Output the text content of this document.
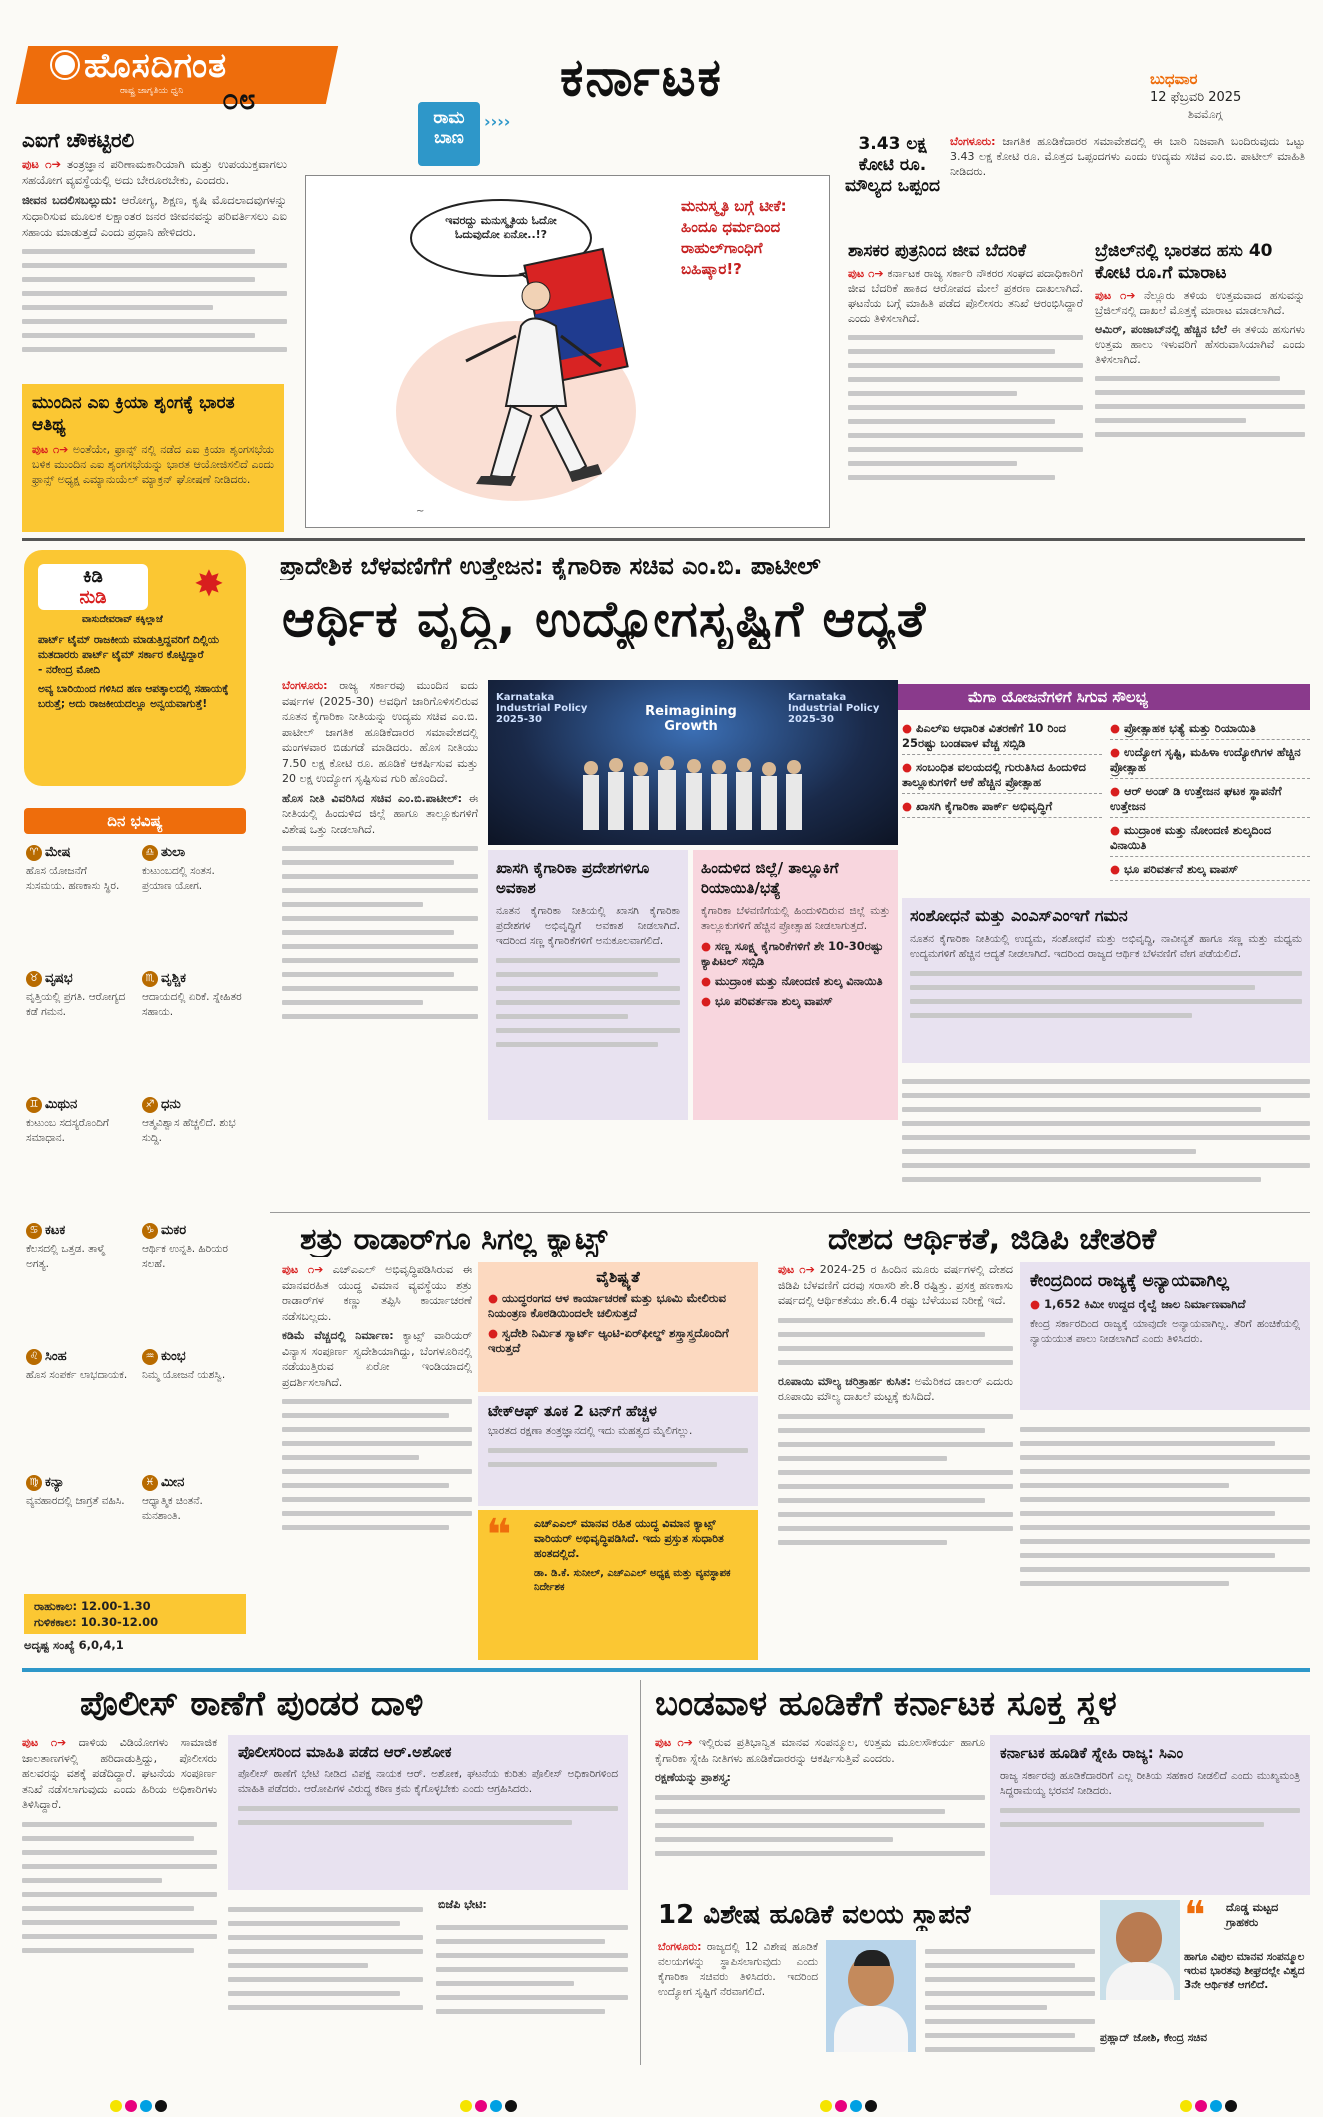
ಹೊಸದಿಗಂತ
ರಾಷ್ಟ್ರ ಜಾಗೃತಿಯ ಧ್ವನಿ ೦೮	ಕರ್ನಾಟಕ	ಬುಧವಾರ
12 ಫೆಬ್ರವರಿ 2025
ಶಿವಮೊಗ್ಗ
ಎಐಗೆ ಚೌಕಟ್ಟಿರಲಿ
ಪುಟ ೧➔ ತಂತ್ರಜ್ಞಾನ ಪರಿಣಾಮಕಾರಿಯಾಗಿ ಮತ್ತು ಉಪಯುಕ್ತವಾಗಲು ಸಹಯೋಗ ವ್ಯವಸ್ಥೆಯಲ್ಲಿ ಅದು ಬೇರೂರಬೇಕು, ಎಂದರು.
ಜೀವನ ಬದಲಿಸಬಲ್ಲುದು: ಆರೋಗ್ಯ, ಶಿಕ್ಷಣ, ಕೃಷಿ ಮೊದಲಾದವುಗಳನ್ನು ಸುಧಾರಿಸುವ ಮೂಲಕ ಲಕ್ಷಾಂತರ ಜನರ ಜೀವನವನ್ನು ಪರಿವರ್ತಿಸಲು ಎಐ ಸಹಾಯ ಮಾಡುತ್ತದೆ ಎಂದು ಪ್ರಧಾನಿ ಹೇಳಿದರು.
ಮುಂದಿನ ಎಐ ಕ್ರಿಯಾ ಶೃಂಗಕ್ಕೆ ಭಾರತ ಆತಿಥ್ಯ
ಪುಟ ೧➔ ಅಂತೆಯೇ, ಫ್ರಾನ್ಸ್ ನಲ್ಲಿ ನಡೆದ ಎಐ ಕ್ರಿಯಾ ಶೃಂಗಸಭೆಯ ಬಳಿಕ ಮುಂದಿನ ಎಐ ಶೃಂಗಸಭೆಯನ್ನು ಭಾರತ ಆಯೋಜಿಸಲಿದೆ ಎಂದು ಫ್ರಾನ್ಸ್ ಅಧ್ಯಕ್ಷ ಎಮ್ಯಾನುಯೆಲ್ ಮ್ಯಾಕ್ರನ್ ಘೋಷಣೆ ನೀಡಿದರು.
~
ಇವರದ್ದು ಮನುಸ್ಮೃತಿಯ ಓದೋ ಓದುವುದೋ ಏನೋ..!?
ಮನುಸ್ಮೃತಿ ಬಗ್ಗೆ ಟೀಕೆ: ಹಿಂದೂ ಧರ್ಮದಿಂದ ರಾಹುಲ್‌ಗಾಂಧಿಗೆ ಬಹಿಷ್ಕಾರ!?
ರಾಮ
ಬಾಣ
››››
3.43 ಲಕ್ಷ ಕೋಟಿ ರೂ. ಮೌಲ್ಯದ ಒಪ್ಪಂದ
ಬೆಂಗಳೂರು: ಜಾಗತಿಕ ಹೂಡಿಕೆದಾರರ ಸಮಾವೇಶದಲ್ಲಿ ಈ ಬಾರಿ ನಿಜವಾಗಿ ಬಂದಿರುವುದು ಒಟ್ಟು 3.43 ಲಕ್ಷ ಕೋಟಿ ರೂ. ಮೊತ್ತದ ಒಪ್ಪಂದಗಳು ಎಂದು ಉದ್ಯಮ ಸಚಿವ ಎಂ.ಬಿ. ಪಾಟೀಲ್ ಮಾಹಿತಿ ನೀಡಿದರು.
ಶಾಸಕರ ಪುತ್ರನಿಂದ ಜೀವ ಬೆದರಿಕೆ
ಪುಟ ೧➔ ಕರ್ನಾಟಕ ರಾಜ್ಯ ಸರ್ಕಾರಿ ನೌಕರರ ಸಂಘದ ಪದಾಧಿಕಾರಿಗೆ ಜೀವ ಬೆದರಿಕೆ ಹಾಕಿದ ಆರೋಪದ ಮೇಲೆ ಪ್ರಕರಣ ದಾಖಲಾಗಿದೆ. ಘಟನೆಯ ಬಗ್ಗೆ ಮಾಹಿತಿ ಪಡೆದ ಪೊಲೀಸರು ತನಿಖೆ ಆರಂಭಿಸಿದ್ದಾರೆ ಎಂದು ತಿಳಿಸಲಾಗಿದೆ.
ಬ್ರೆಜಿಲ್‌ನಲ್ಲಿ ಭಾರತದ ಹಸು 40 ಕೋಟಿ ರೂ.ಗೆ ಮಾರಾಟ
ಪುಟ ೧➔ ನೆಲ್ಲೂರು ತಳಿಯ ಉತ್ತಮವಾದ ಹಸುವನ್ನು ಬ್ರೆಜಿಲ್‌ನಲ್ಲಿ ದಾಖಲೆ ಮೊತ್ತಕ್ಕೆ ಮಾರಾಟ ಮಾಡಲಾಗಿದೆ.
ಆಮಿರ್, ಪಂಜಾಬ್‌ನಲ್ಲಿ ಹೆಚ್ಚಿನ ಬೆಲೆ ಈ ತಳಿಯ ಹಸುಗಳು ಉತ್ತಮ ಹಾಲು ಇಳುವರಿಗೆ ಹೆಸರುವಾಸಿಯಾಗಿವೆ ಎಂದು ತಿಳಿಸಲಾಗಿದೆ.
ಕಿಡಿ
ನುಡಿ	✸
ವಾಸುದೇವರಾವ್ ಕಕ್ಕಿಲ್ಲಾಜೆ
ಪಾರ್ಟ್ ಟೈಮ್ ರಾಜಕೀಯ ಮಾಡುತ್ತಿದ್ದವರಿಗೆ ದಿಲ್ಲಿಯ ಮತದಾರರು ಪಾರ್ಟ್ ಟೈಮ್ ಸರ್ಕಾರ ಕೊಟ್ಟಿದ್ದಾರೆ
- ನರೇಂದ್ರ ಮೋದಿ
ಅವ್ಯ ಬಾರಿಯಿಂದ ಗಳಿಸಿದ ಹಣ ಆಪತ್ಕಾಲದಲ್ಲಿ ಸಹಾಯಕ್ಕೆ ಬರುತ್ತೆ; ಅದು ರಾಜಕೀಯದಲ್ಲೂ ಅನ್ವಯವಾಗುತ್ತೆ!
ದಿನ ಭವಿಷ್ಯ
♈ ಮೇಷ
ಹೊಸ ಯೋಜನೆಗೆ ಸುಸಮಯ. ಹಣಕಾಸು ಸ್ಥಿರ.
♎ ತುಲಾ
ಕುಟುಂಬದಲ್ಲಿ ಸಂತಸ. ಪ್ರಯಾಣ ಯೋಗ.
♉ ವೃಷಭ
ವೃತ್ತಿಯಲ್ಲಿ ಪ್ರಗತಿ. ಆರೋಗ್ಯದ ಕಡೆ ಗಮನ.
♏ ವೃಶ್ಚಿಕ
ಆದಾಯದಲ್ಲಿ ಏರಿಕೆ. ಸ್ನೇಹಿತರ ಸಹಾಯ.
♊ ಮಿಥುನ
ಕುಟುಂಬ ಸದಸ್ಯರೊಂದಿಗೆ ಸಮಾಧಾನ.
♐ ಧನು
ಆತ್ಮವಿಶ್ವಾಸ ಹೆಚ್ಚಲಿದೆ. ಶುಭ ಸುದ್ದಿ.
♋ ಕಟಕ
ಕೆಲಸದಲ್ಲಿ ಒತ್ತಡ. ತಾಳ್ಮೆ ಅಗತ್ಯ.
♑ ಮಕರ
ಆರ್ಥಿಕ ಉನ್ನತಿ. ಹಿರಿಯರ ಸಲಹೆ.
♌ ಸಿಂಹ
ಹೊಸ ಸಂಪರ್ಕ ಲಾಭದಾಯಕ.
♒ ಕುಂಭ
ನಿಮ್ಮ ಯೋಜನೆ ಯಶಸ್ವಿ.
♍ ಕನ್ಯಾ
ವ್ಯವಹಾರದಲ್ಲಿ ಜಾಗ್ರತೆ ವಹಿಸಿ.
♓ ಮೀನ
ಆಧ್ಯಾತ್ಮಿಕ ಚಿಂತನೆ. ಮನಶಾಂತಿ.
ರಾಹುಕಾಲ: 12.00-1.30
ಗುಳಿಕಕಾಲ: 10.30-12.00
ಅದೃಷ್ಟ ಸಂಖ್ಯೆ 6,0,4,1
ಪ್ರಾದೇಶಿಕ ಬೆಳವಣಿಗೆಗೆ ಉತ್ತೇಜನ: ಕೈಗಾರಿಕಾ ಸಚಿವ ಎಂ.ಬಿ. ಪಾಟೀಲ್
ಆರ್ಥಿಕ ವೃದ್ಧಿ, ಉದ್ಯೋಗಸೃಷ್ಟಿಗೆ ಆದ್ಯತೆ
ಬೆಂಗಳೂರು: ರಾಜ್ಯ ಸರ್ಕಾರವು ಮುಂದಿನ ಐದು ವರ್ಷಗಳ (2025-30) ಅವಧಿಗೆ ಜಾರಿಗೊಳಿಸಲಿರುವ ನೂತನ ಕೈಗಾರಿಕಾ ನೀತಿಯನ್ನು ಉದ್ಯಮ ಸಚಿವ ಎಂ.ಬಿ. ಪಾಟೀಲ್ ಜಾಗತಿಕ ಹೂಡಿಕೆದಾರರ ಸಮಾವೇಶದಲ್ಲಿ ಮಂಗಳವಾರ ಬಿಡುಗಡೆ ಮಾಡಿದರು. ಹೊಸ ನೀತಿಯು 7.50 ಲಕ್ಷ ಕೋಟಿ ರೂ. ಹೂಡಿಕೆ ಆಕರ್ಷಿಸುವ ಮತ್ತು 20 ಲಕ್ಷ ಉದ್ಯೋಗ ಸೃಷ್ಟಿಸುವ ಗುರಿ ಹೊಂದಿದೆ.
ಹೊಸ ನೀತಿ ವಿವರಿಸಿದ ಸಚಿವ ಎಂ.ಬಿ.ಪಾಟೀಲ್: ಈ ನೀತಿಯಲ್ಲಿ ಹಿಂದುಳಿದ ಜಿಲ್ಲೆ ಹಾಗೂ ತಾಲ್ಲೂಕುಗಳಿಗೆ ವಿಶೇಷ ಒತ್ತು ನೀಡಲಾಗಿದೆ.
Karnataka Industrial Policy 2025-30
Reimagining Growth
Karnataka Industrial Policy 2025-30
ಮೆಗಾ ಯೋಜನೆಗಳಿಗೆ ಸಿಗುವ ಸೌಲಭ್ಯ
● ಪಿಎಲ್‌ಐ ಆಧಾರಿತ ವಿತರಣೆಗೆ 10 ರಿಂದ 25ರಷ್ಟು ಬಂಡವಾಳ ವೆಚ್ಚ ಸಬ್ಸಿಡಿ
● ಸಂಬಂಧಿತ ವಲಯದಲ್ಲಿ ಗುರುತಿಸಿದ ಹಿಂದುಳಿದ ತಾಲ್ಲೂಕುಗಳಿಗೆ ಆಕೆ ಹೆಚ್ಚಿನ ಪ್ರೋತ್ಸಾಹ
● ಖಾಸಗಿ ಕೈಗಾರಿಕಾ ಪಾರ್ಕ್ ಅಭಿವೃದ್ಧಿಗೆ
● ಪ್ರೋತ್ಸಾಹಕ ಭತ್ಯೆ ಮತ್ತು ರಿಯಾಯಿತಿ
● ಉದ್ಯೋಗ ಸೃಷ್ಟಿ, ಮಹಿಳಾ ಉದ್ಯೋಗಿಗಳ ಹೆಚ್ಚಿನ ಪ್ರೋತ್ಸಾಹ
● ಆರ್ ಅಂಡ್ ಡಿ ಉತ್ತೇಜನ ಘಟಕ ಸ್ಥಾಪನೆಗೆ ಉತ್ತೇಜನ
● ಮುದ್ರಾಂಕ ಮತ್ತು ನೋಂದಣಿ ಶುಲ್ಕದಿಂದ ವಿನಾಯಿತಿ
● ಭೂ ಪರಿವರ್ತನೆ ಶುಲ್ಕ ವಾಪಸ್
ಖಾಸಗಿ ಕೈಗಾರಿಕಾ ಪ್ರದೇಶಗಳಿಗೂ ಅವಕಾಶ
ನೂತನ ಕೈಗಾರಿಕಾ ನೀತಿಯಲ್ಲಿ ಖಾಸಗಿ ಕೈಗಾರಿಕಾ ಪ್ರದೇಶಗಳ ಅಭಿವೃದ್ಧಿಗೆ ಅವಕಾಶ ನೀಡಲಾಗಿದೆ. ಇದರಿಂದ ಸಣ್ಣ ಕೈಗಾರಿಕೆಗಳಿಗೆ ಅನುಕೂಲವಾಗಲಿದೆ.
ಹಿಂದುಳಿದ ಜಿಲ್ಲೆ/ ತಾಲ್ಲೂಕಿಗೆ ರಿಯಾಯಿತಿ/ಭತ್ಯೆ
ಕೈಗಾರಿಕಾ ಬೆಳವಣಿಗೆಯಲ್ಲಿ ಹಿಂದುಳಿದಿರುವ ಜಿಲ್ಲೆ ಮತ್ತು ತಾಲ್ಲೂಕುಗಳಿಗೆ ಹೆಚ್ಚಿನ ಪ್ರೋತ್ಸಾಹ ನೀಡಲಾಗುತ್ತದೆ.
● ಸಣ್ಣ ಸೂಕ್ಷ್ಮ ಕೈಗಾರಿಕೆಗಳಿಗೆ ಶೇ 10-30ರಷ್ಟು ಕ್ಯಾಪಿಟಲ್ ಸಬ್ಸಿಡಿ
● ಮುದ್ರಾಂಕ ಮತ್ತು ನೋಂದಣಿ ಶುಲ್ಕ ವಿನಾಯಿತಿ
● ಭೂ ಪರಿವರ್ತನಾ ಶುಲ್ಕ ವಾಪಸ್
ಸಂಶೋಧನೆ ಮತ್ತು ಎಂಎಸ್‌ಎಂಇಗೆ ಗಮನ
ನೂತನ ಕೈಗಾರಿಕಾ ನೀತಿಯಲ್ಲಿ ಉದ್ಯಮ, ಸಂಶೋಧನೆ ಮತ್ತು ಅಭಿವೃದ್ಧಿ, ನಾವೀನ್ಯತೆ ಹಾಗೂ ಸಣ್ಣ ಮತ್ತು ಮಧ್ಯಮ ಉದ್ಯಮಗಳಿಗೆ ಹೆಚ್ಚಿನ ಆದ್ಯತೆ ನೀಡಲಾಗಿದೆ. ಇದರಿಂದ ರಾಜ್ಯದ ಆರ್ಥಿಕ ಬೆಳವಣಿಗೆ ವೇಗ ಪಡೆಯಲಿದೆ.
ಶತ್ರು ರಾಡಾರ್‌ಗೂ ಸಿಗಲ್ಲ ಕ್ಯಾಟ್ಸ್
ಪುಟ ೧➔ ಎಚ್‌ಎಎಲ್ ಅಭಿವೃದ್ಧಿಪಡಿಸಿರುವ ಈ ಮಾನವರಹಿತ ಯುದ್ಧ ವಿಮಾನ ವ್ಯವಸ್ಥೆಯು ಶತ್ರು ರಾಡಾರ್‌ಗಳ ಕಣ್ಣು ತಪ್ಪಿಸಿ ಕಾರ್ಯಾಚರಣೆ ನಡೆಸಬಲ್ಲದು.
ಕಡಿಮೆ ವೆಚ್ಚದಲ್ಲಿ ನಿರ್ಮಾಣ: ಕ್ಯಾಟ್ಸ್ ವಾರಿಯರ್ ವಿನ್ಯಾಸ ಸಂಪೂರ್ಣ ಸ್ವದೇಶಿಯಾಗಿದ್ದು, ಬೆಂಗಳೂರಿನಲ್ಲಿ ನಡೆಯುತ್ತಿರುವ ಏರೋ ಇಂಡಿಯಾದಲ್ಲಿ ಪ್ರದರ್ಶಿಸಲಾಗಿದೆ.
ವೈಶಿಷ್ಟ್ಯತೆ
● ಯುದ್ಧರಂಗದ ಆಳ ಕಾರ್ಯಾಚರಣೆ ಮತ್ತು ಭೂಮಿ ಮೇಲಿರುವ ನಿಯಂತ್ರಣ ಕೊಠಡಿಯಿಂದಲೇ ಚಲಿಸುತ್ತದೆ
● ಸ್ವದೇಶಿ ನಿರ್ಮಿತ ಸ್ಮಾರ್ಟ್ ಆ್ಯಂಟಿ-ಏರ್‌ಫೀಲ್ಡ್ ಶಸ್ತ್ರಾಸ್ತ್ರದೊಂದಿಗೆ ಇರುತ್ತದೆ
ಟೇಕ್‌ಆಫ್ ತೂಕ 2 ಟನ್‌ಗೆ ಹೆಚ್ಚಳ
ಭಾರತದ ರಕ್ಷಣಾ ತಂತ್ರಜ್ಞಾನದಲ್ಲಿ ಇದು ಮಹತ್ವದ ಮೈಲಿಗಲ್ಲು.
❝ ಎಚ್‌ಎಎಲ್ ಮಾನವ ರಹಿತ ಯುದ್ಧ ವಿಮಾನ ಕ್ಯಾಟ್ಸ್ ವಾರಿಯರ್ ಅಭಿವೃದ್ಧಿಪಡಿಸಿದೆ. ಇದು ಪ್ರಸ್ತುತ ಸುಧಾರಿತ ಹಂತದಲ್ಲಿದೆ.
ಡಾ. ಡಿ.ಕೆ. ಸುನೀಲ್, ಎಚ್‌ಎಎಲ್ ಅಧ್ಯಕ್ಷ ಮತ್ತು ವ್ಯವಸ್ಥಾಪಕ ನಿರ್ದೇಶಕ
ದೇಶದ ಆರ್ಥಿಕತೆ, ಜಿಡಿಪಿ ಚೇತರಿಕೆ
ಪುಟ ೧➔ 2024-25 ರ ಹಿಂದಿನ ಮೂರು ವರ್ಷಗಳಲ್ಲಿ ದೇಶದ ಜಿಡಿಪಿ ಬೆಳವಣಿಗೆ ದರವು ಸರಾಸರಿ ಶೇ.8 ರಷ್ಟಿತ್ತು. ಪ್ರಸಕ್ತ ಹಣಕಾಸು ವರ್ಷದಲ್ಲಿ ಆರ್ಥಿಕತೆಯು ಶೇ.6.4 ರಷ್ಟು ಬೆಳೆಯುವ ನಿರೀಕ್ಷೆ ಇದೆ.
ರೂಪಾಯಿ ಮೌಲ್ಯ ಚರಿತ್ರಾರ್ಹ ಕುಸಿತ: ಅಮೆರಿಕದ ಡಾಲರ್ ಎದುರು ರೂಪಾಯಿ ಮೌಲ್ಯ ದಾಖಲೆ ಮಟ್ಟಕ್ಕೆ ಕುಸಿದಿದೆ.
ಕೇಂದ್ರದಿಂದ ರಾಜ್ಯಕ್ಕೆ ಅನ್ಯಾಯವಾಗಿಲ್ಲ
● 1,652 ಕಿಮೀ ಉದ್ದದ ರೈಲ್ವೆ ಜಾಲ ನಿರ್ಮಾಣವಾಗಿದೆ
ಕೇಂದ್ರ ಸರ್ಕಾರದಿಂದ ರಾಜ್ಯಕ್ಕೆ ಯಾವುದೇ ಅನ್ಯಾಯವಾಗಿಲ್ಲ. ತೆರಿಗೆ ಹಂಚಿಕೆಯಲ್ಲಿ ನ್ಯಾಯಯುತ ಪಾಲು ನೀಡಲಾಗಿದೆ ಎಂದು ತಿಳಿಸಿದರು.
ಪೊಲೀಸ್ ಠಾಣೆಗೆ ಪುಂಡರ ದಾಳಿ
ಪುಟ ೧➔ ದಾಳಿಯ ವಿಡಿಯೋಗಳು ಸಾಮಾಜಿಕ ಜಾಲತಾಣಗಳಲ್ಲಿ ಹರಿದಾಡುತ್ತಿದ್ದು, ಪೊಲೀಸರು ಹಲವರನ್ನು ವಶಕ್ಕೆ ಪಡೆದಿದ್ದಾರೆ. ಘಟನೆಯ ಸಂಪೂರ್ಣ ತನಿಖೆ ನಡೆಸಲಾಗುವುದು ಎಂದು ಹಿರಿಯ ಅಧಿಕಾರಿಗಳು ತಿಳಿಸಿದ್ದಾರೆ.
ಪೊಲೀಸರಿಂದ ಮಾಹಿತಿ ಪಡೆದ ಆರ್.ಅಶೋಕ
ಪೊಲೀಸ್ ಠಾಣೆಗೆ ಭೇಟಿ ನೀಡಿದ ವಿಪಕ್ಷ ನಾಯಕ ಆರ್. ಅಶೋಕ, ಘಟನೆಯ ಕುರಿತು ಪೊಲೀಸ್ ಅಧಿಕಾರಿಗಳಿಂದ ಮಾಹಿತಿ ಪಡೆದರು. ಆರೋಪಿಗಳ ವಿರುದ್ಧ ಕಠಿಣ ಕ್ರಮ ಕೈಗೊಳ್ಳಬೇಕು ಎಂದು ಆಗ್ರಹಿಸಿದರು.
ಬಿಜೆಪಿ ಭೇಟಿ:
ಬಂಡವಾಳ ಹೂಡಿಕೆಗೆ ಕರ್ನಾಟಕ ಸೂಕ್ತ ಸ್ಥಳ
ಪುಟ ೧➔ ಇಲ್ಲಿರುವ ಪ್ರತಿಭಾನ್ವಿತ ಮಾನವ ಸಂಪನ್ಮೂಲ, ಉತ್ತಮ ಮೂಲಸೌಕರ್ಯ ಹಾಗೂ ಕೈಗಾರಿಕಾ ಸ್ನೇಹಿ ನೀತಿಗಳು ಹೂಡಿಕೆದಾರರನ್ನು ಆಕರ್ಷಿಸುತ್ತಿವೆ ಎಂದರು.
ರಕ್ಷಣೆಯನ್ನು ಪ್ರಾಶಸ್ತ್ಯ:
ಕರ್ನಾಟಕ ಹೂಡಿಕೆ ಸ್ನೇಹಿ ರಾಜ್ಯ: ಸಿಎಂ
ರಾಜ್ಯ ಸರ್ಕಾರವು ಹೂಡಿಕೆದಾರರಿಗೆ ಎಲ್ಲ ರೀತಿಯ ಸಹಕಾರ ನೀಡಲಿದೆ ಎಂದು ಮುಖ್ಯಮಂತ್ರಿ ಸಿದ್ದರಾಮಯ್ಯ ಭರವಸೆ ನೀಡಿದರು.
12 ವಿಶೇಷ ಹೂಡಿಕೆ ವಲಯ ಸ್ಥಾಪನೆ
ಬೆಂಗಳೂರು: ರಾಜ್ಯದಲ್ಲಿ 12 ವಿಶೇಷ ಹೂಡಿಕೆ ವಲಯಗಳನ್ನು ಸ್ಥಾಪಿಸಲಾಗುವುದು ಎಂದು ಕೈಗಾರಿಕಾ ಸಚಿವರು ತಿಳಿಸಿದರು. ಇದರಿಂದ ಉದ್ಯೋಗ ಸೃಷ್ಟಿಗೆ ನೆರವಾಗಲಿದೆ.
❝ ದೊಡ್ಡ ಮಟ್ಟದ ಗ್ರಾಹಕರು
ಹಾಗೂ ವಿಪುಲ ಮಾನವ ಸಂಪನ್ಮೂಲ ಇರುವ ಭಾರತವು ಶೀಘ್ರದಲ್ಲೇ ವಿಶ್ವದ 3ನೇ ಆರ್ಥಿಕತೆ ಆಗಲಿದೆ.
ಪ್ರಹ್ಲಾದ್ ಜೋಶಿ, ಕೇಂದ್ರ ಸಚಿವ
